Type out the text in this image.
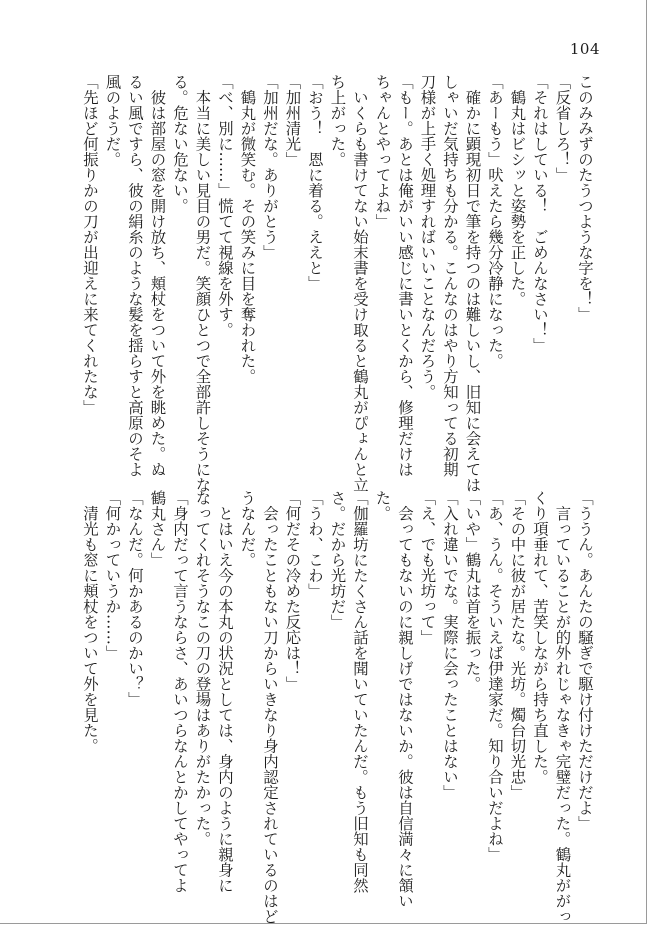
104
このみみずのたうつような字を！」
「反省しろ！」
「それはしている！　ごめんなさい！」
　鶴丸はビシッと姿勢を正した。
「あーもう」吠えたら幾分冷静になった。
　確かに顕現初日で筆を持つのは難しいし、旧知に会えては
しゃいだ気持ちも分かる。こんなのはやり方知ってる初期
刀様が上手く処理すればいいことなんだろう。
「もー。あとは俺がいい感じに書いとくから、修理だけは
ちゃんとやってよね」
　いくらも書けてない始末書を受け取ると鶴丸がぴょんと立
ち上がった。
「おう！　恩に着る。ええと」
「加州清光」
「加州だな。ありがとう」
　鶴丸が微笑む。その笑みに目を奪われた。
「べ、別に……」慌てて視線を外す。
　本当に美しい見目の男だ。笑顔ひとつで全部許しそうにな
る。危ない危ない。
　彼は部屋の窓を開け放ち、頬杖をついて外を眺めた。ぬ
るい風ですら、彼の絹糸のような髪を揺らすと高原のそよ
風のようだ。
「先ほど何振りかの刀が出迎えに来てくれたな」
「ううん。あんたの騒ぎで駆け付けただけだよ」
　言っていることが的外れじゃなきゃ完璧だった。鶴丸ががっ
くり項垂れて、苦笑しながら持ち直した。
「その中に彼が居たな。光坊。燭台切光忠」
「あ、うん。そういえば伊達家だ。知り合いだよね」
「いや」鶴丸は首を振った。
「入れ違いでな。実際に会ったことはない」
「え、でも光坊って」
　会ってもないのに親しげではないか。彼は自信満々に頷い
た。
「伽羅坊にたくさん話を聞いていたんだ。もう旧知も同然
さ。だから光坊だ」
「うわ、こわ」
「何だその冷めた反応は！」
　会ったこともない刀からいきなり身内認定されているのはど
うなんだ。
　とはいえ今の本丸の状況としては、身内のように親身に
なってくれそうなこの刀の登場はありがたかった。
「身内だって言うならさ、あいつらなんとかしてやってよ
鶴丸さん」
「なんだ。何かあるのかい？」
「何かっていうか……」
　清光も窓に頬杖をついて外を見た。
